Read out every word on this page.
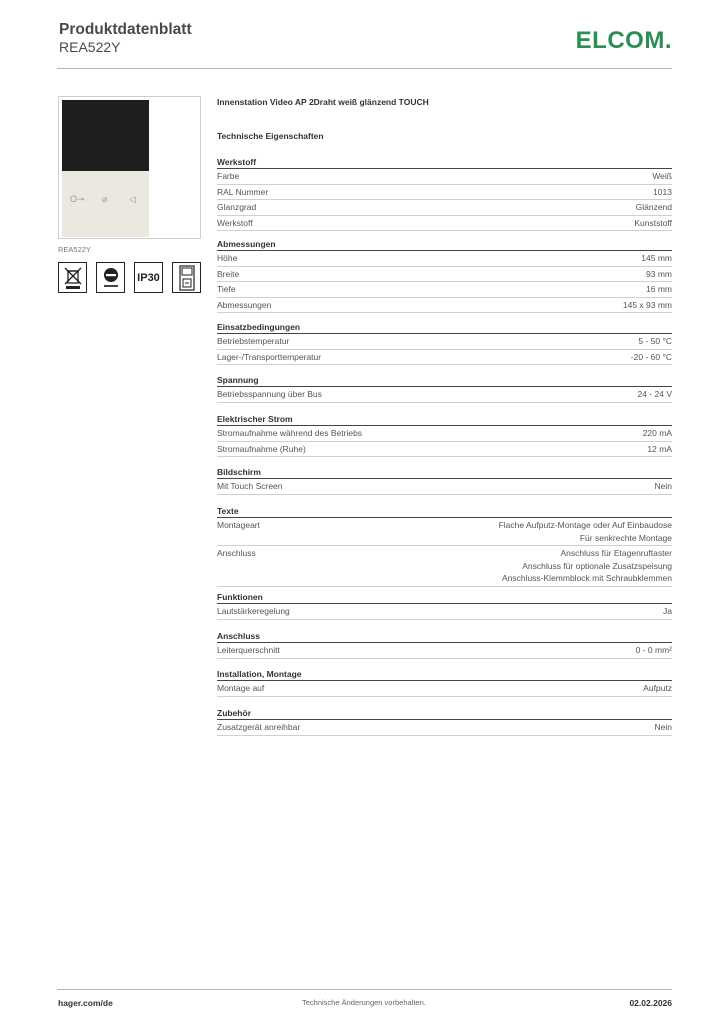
Produktdatenblatt
REA522Y	ELCOM.
O⊸ ⌀ ◁
REA522Y
IP30
Innenstation Video AP 2Draht weiß glänzend TOUCH
Technische Eigenschaften
Werkstoff
Farbe	Weiß
RAL Nummer	1013
Glanzgrad	Glänzend
Werkstoff	Kunststoff
Abmessungen
Höhe	145 mm
Breite	93 mm
Tiefe	16 mm
Abmessungen	145 x 93 mm
Einsatzbedingungen
Betriebstemperatur	5 - 50 °C
Lager-/Transporttemperatur	-20 - 60 °C
Spannung
Betriebsspannung über Bus	24 - 24 V
Elektrischer Strom
Stromaufnahme während des Betriebs	220 mA
Stromaufnahme (Ruhe)	12 mA
Bildschirm
Mit Touch Screen	Nein
Texte
Montageart	Flache Aufputz-Montage oder Auf Einbaudose
Für senkrechte Montage
Anschluss	Anschluss für Etagenruftaster
Anschluss für optionale Zusatzspeisung
Anschluss-Klemmblock mit Schraubklemmen
Funktionen
Lautstärkeregelung	Ja
Anschluss
Leiterquerschnitt	0 - 0 mm²
Installation, Montage
Montage auf	Aufputz
Zubehör
Zusatzgerät anreihbar	Nein
hager.com/de	Technische Änderungen vorbehalten.	02.02.2026
